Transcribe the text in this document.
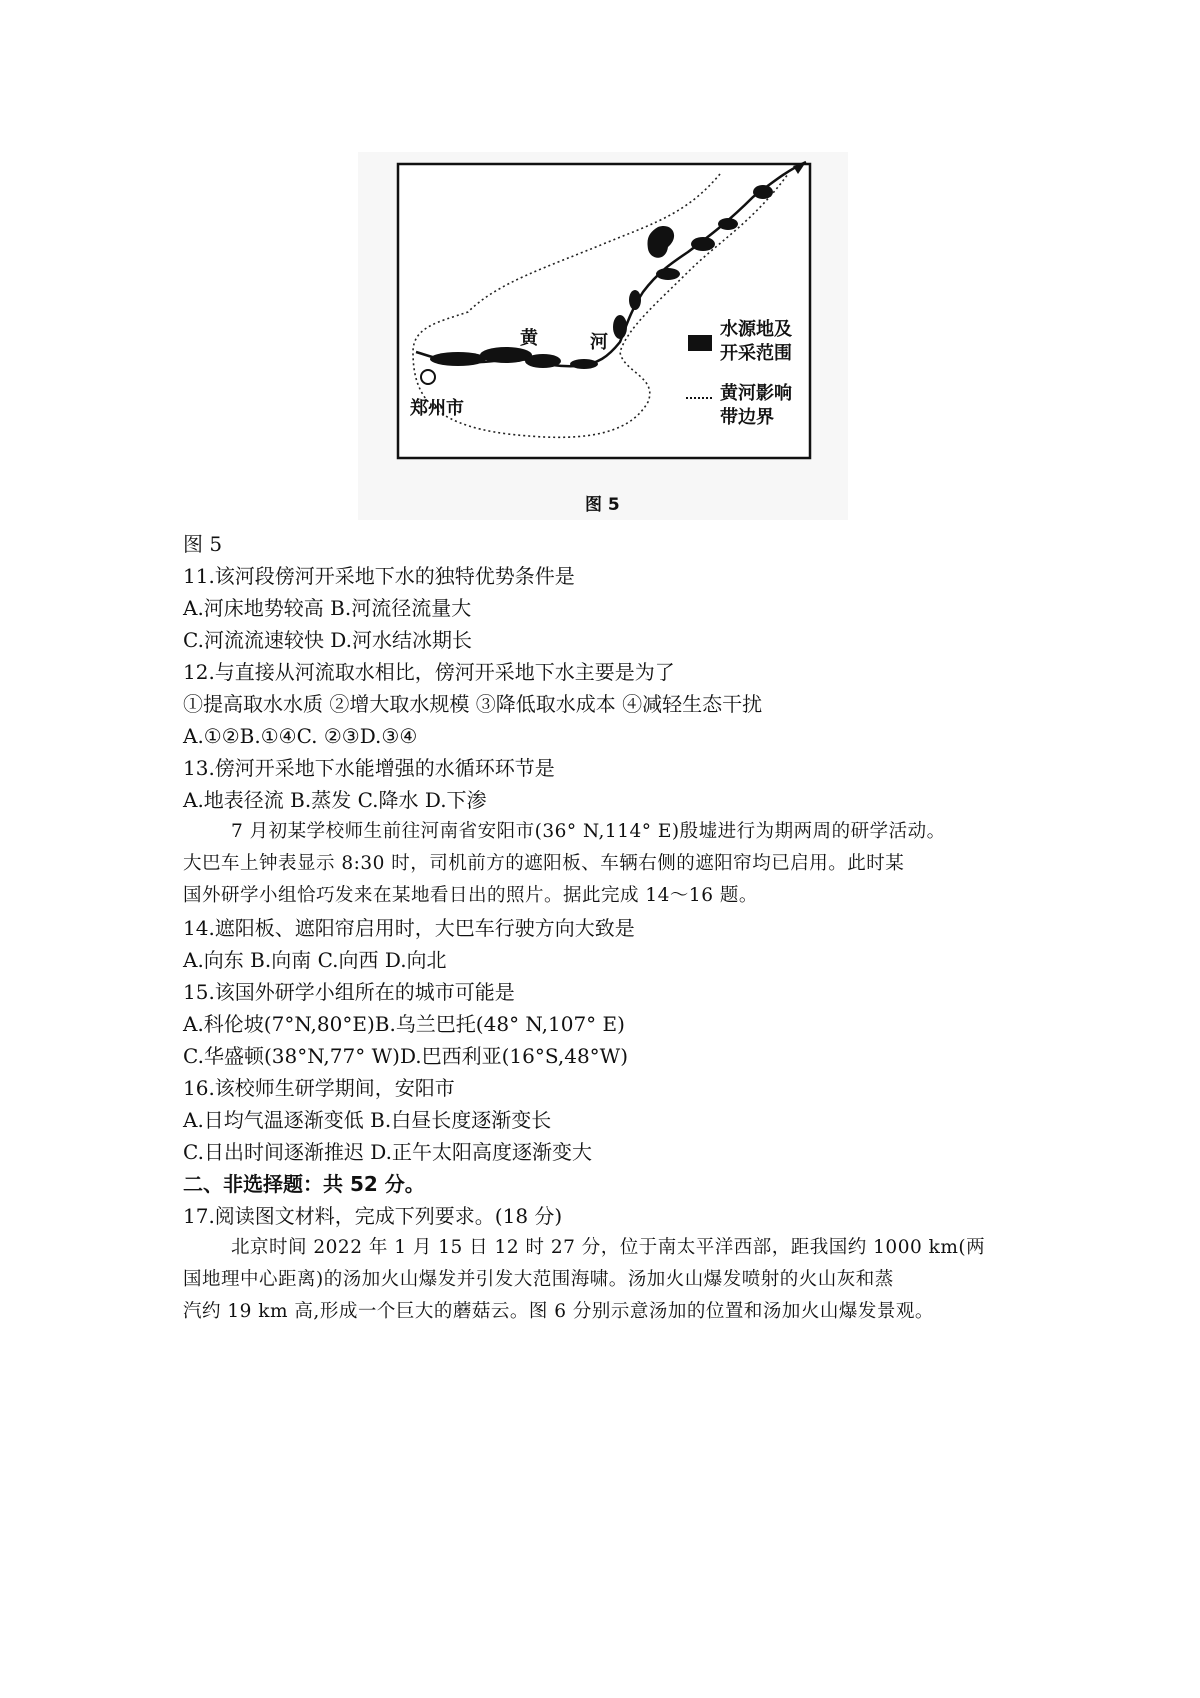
黄	河
郑州市
水源地及
开采范围
黄河影响
带边界
图 5
图 5
11.该河段傍河开采地下水的独特优势条件是
A.河床地势较高 B.河流径流量大
C.河流流速较快 D.河水结冰期长
12.与直接从河流取水相比，傍河开采地下水主要是为了
①提高取水水质 ②增大取水规模 ③降低取水成本 ④减轻生态干扰
A.①②B.①④C. ②③D.③④
13.傍河开采地下水能增强的水循环环节是
A.地表径流 B.蒸发 C.降水 D.下渗
7 月初某学校师生前往河南省安阳市(36° N,114° E)殷墟进行为期两周的研学活动。
大巴车上钟表显示 8:30 时，司机前方的遮阳板、车辆右侧的遮阳帘均已启用。此时某
国外研学小组恰巧发来在某地看日出的照片。据此完成 14～16 题。
14.遮阳板、遮阳帘启用时，大巴车行驶方向大致是
A.向东 B.向南 C.向西 D.向北
15.该国外研学小组所在的城市可能是
A.科伦坡(7°N,80°E)B.乌兰巴托(48° N,107° E)
C.华盛顿(38°N,77° W)D.巴西利亚(16°S,48°W)
16.该校师生研学期间，安阳市
A.日均气温逐渐变低 B.白昼长度逐渐变长
C.日出时间逐渐推迟 D.正午太阳高度逐渐变大
二、非选择题：共 52 分。
17.阅读图文材料，完成下列要求。(18 分)
北京时间 2022 年 1 月 15 日 12 时 27 分，位于南太平洋西部，距我国约 1000 km(两
国地理中心距离)的汤加火山爆发并引发大范围海啸。汤加火山爆发喷射的火山灰和蒸
汽约 19 km 高,形成一个巨大的蘑菇云。图 6 分别示意汤加的位置和汤加火山爆发景观。
